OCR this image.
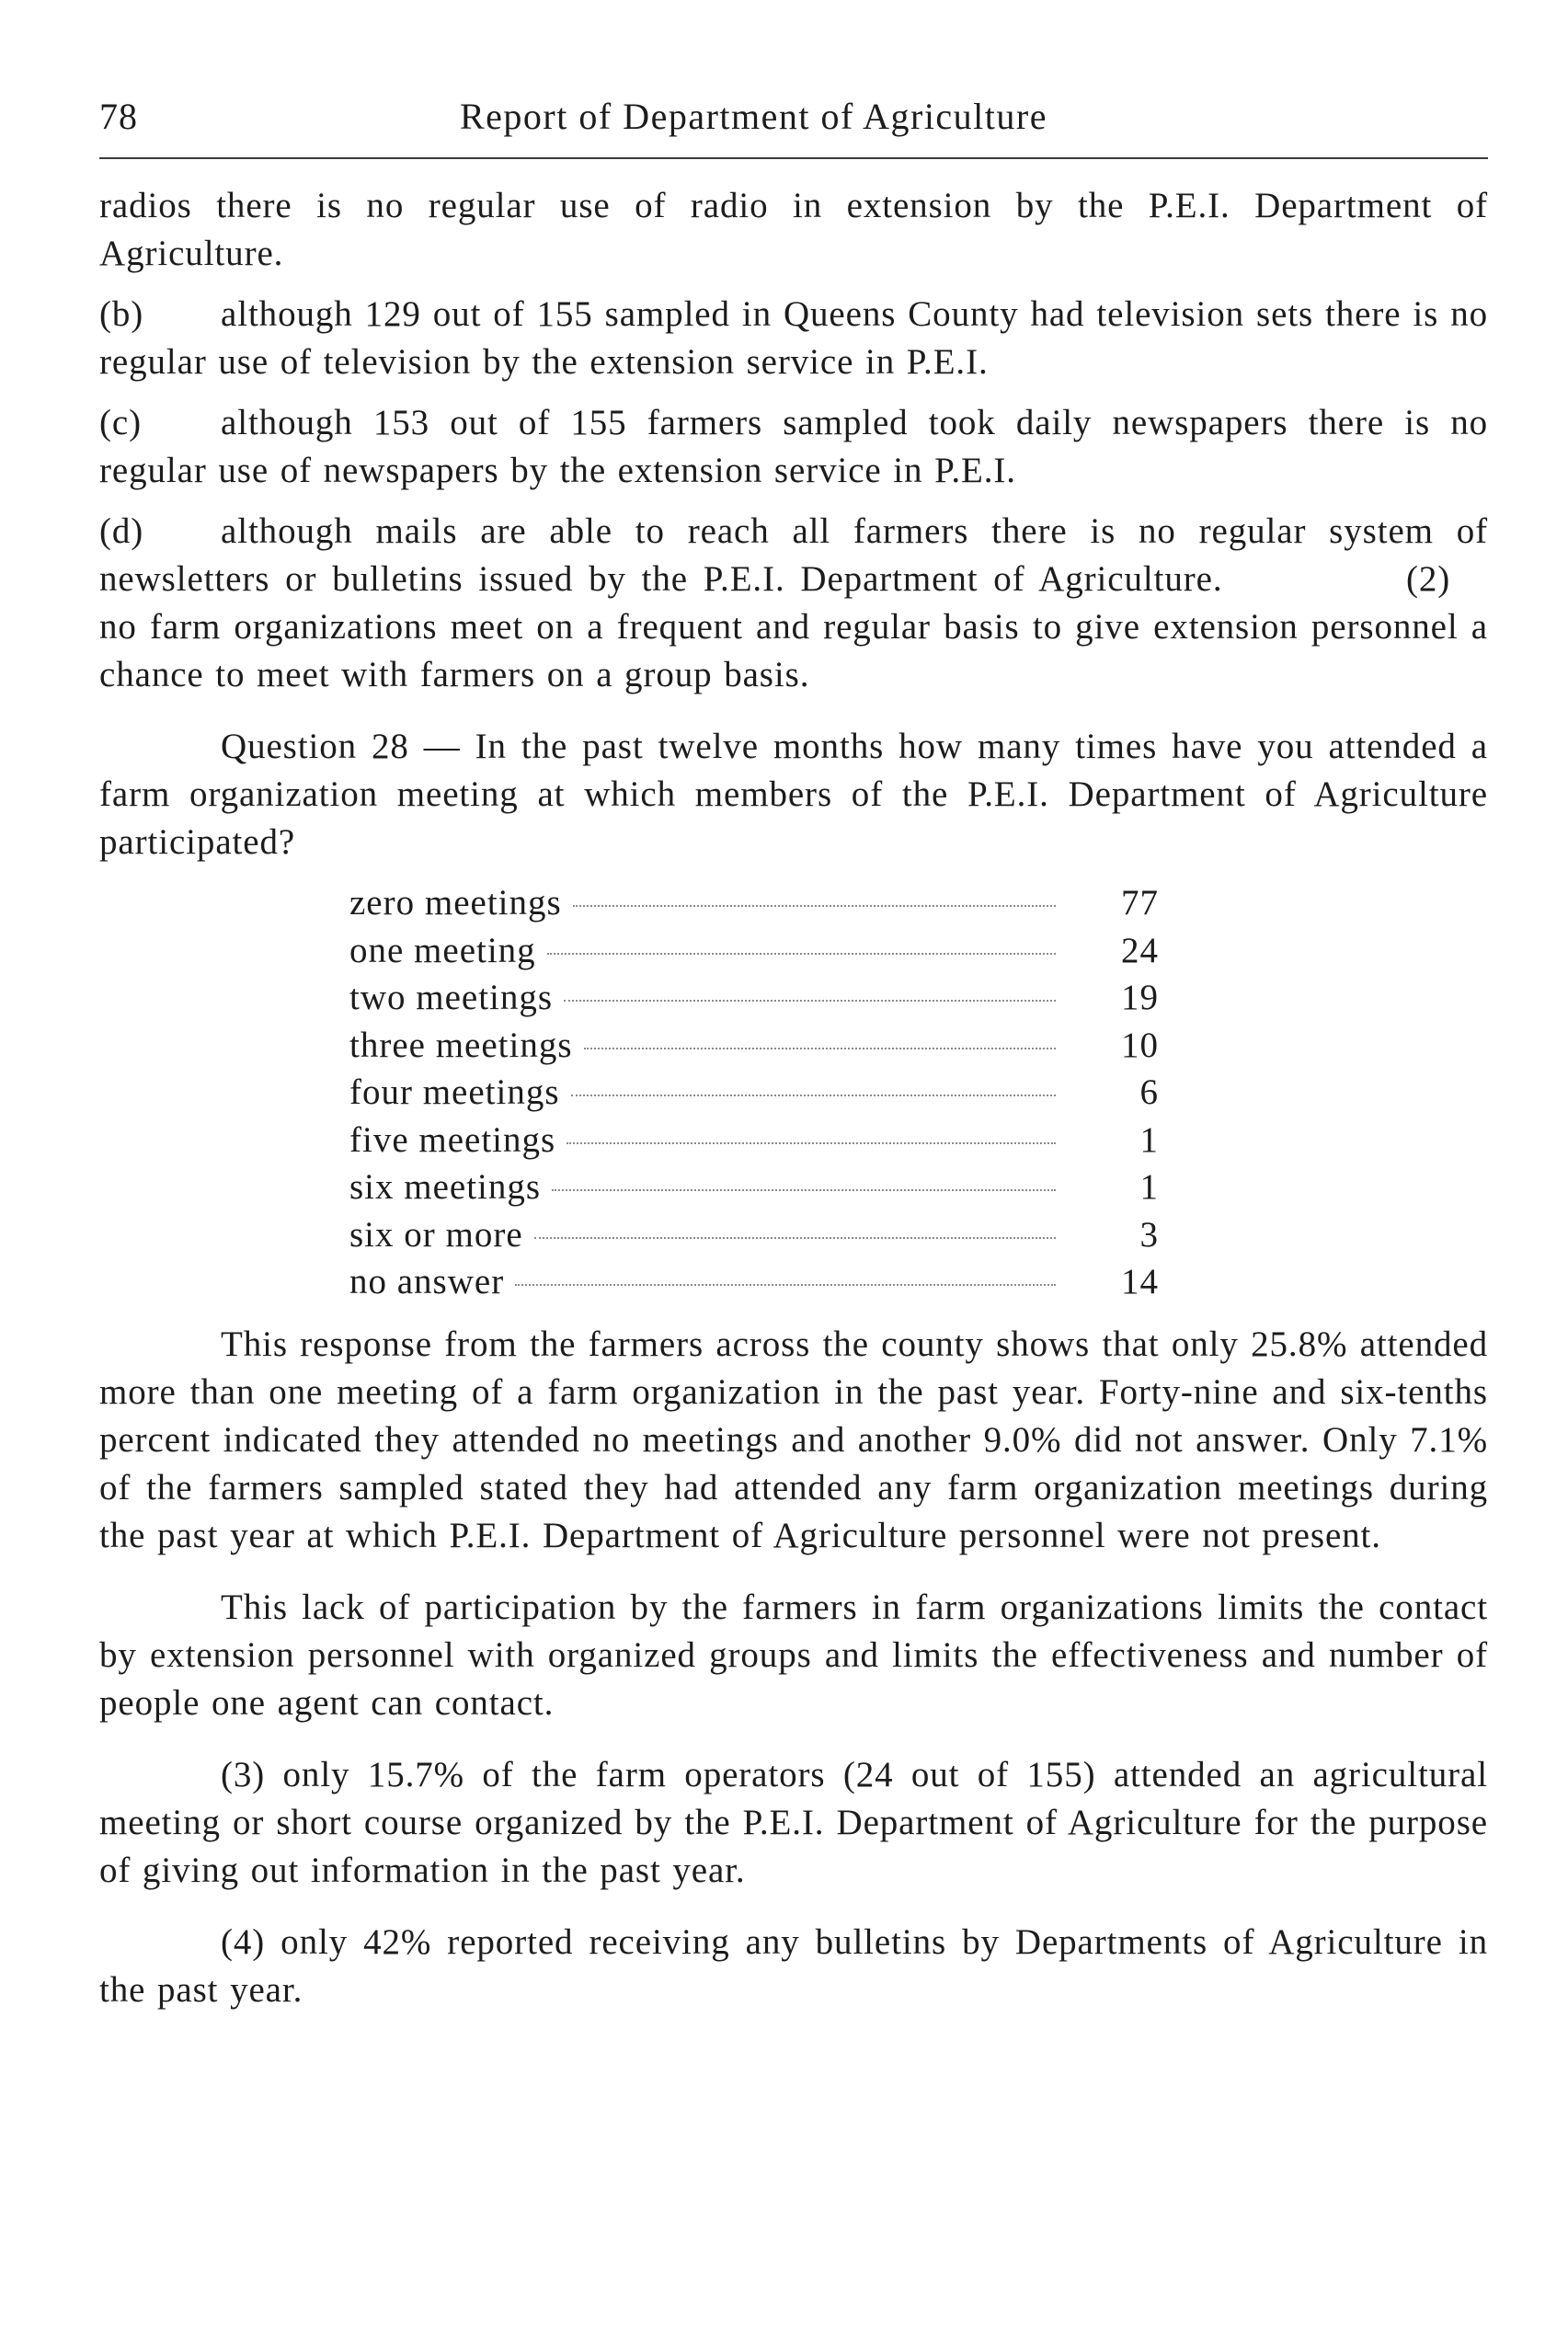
78	Report of Department of Agriculture

radios there is no regular use of radio in extension by the P.E.I. Department of Agriculture.

(b) although 129 out of 155 sampled in Queens County had television sets there is no regular use of television by the extension service in P.E.I.

(c) although 153 out of 155 farmers sampled took daily newspapers there is no regular use of newspapers by the extension service in P.E.I.

(d) although mails are able to reach all farmers there is no regular system of newsletters or bulletins issued by the P.E.I. Department of Agriculture.     	(2)  no farm organizations meet on a frequent and regular basis to give extension personnel a chance to meet with farmers on a group basis.

Question 28 — In the past twelve months how many times have you attended a farm organization meeting at which members of the P.E.I. Department of Agriculture participated?

zero meetings	77
one meeting	24
two meetings	19
three meetings	10
four meetings	6
five meetings	1
six meetings	1
six or more	3
no answer	14

This response from the farmers across the county shows that only 25.8% attended more than one meeting of a farm organization in the past year. Forty-nine and six-tenths percent indicated they attended no meetings and another 9.0% did not answer. Only 7.1% of the farmers sampled stated they had attended any farm organization meetings during the past year at which P.E.I. Department of Agriculture personnel were not present.

This lack of participation by the farmers in farm organizations limits the contact by extension personnel with organized groups and limits the effectiveness and number of people one agent can contact.

(3) only 15.7% of the farm operators (24 out of 155) attended an agricultural meeting or short course organized by the P.E.I. Department of Agriculture for the purpose of giving out information in the past year.

(4) only 42% reported receiving any bulletins by Departments of Agriculture in the past year.
